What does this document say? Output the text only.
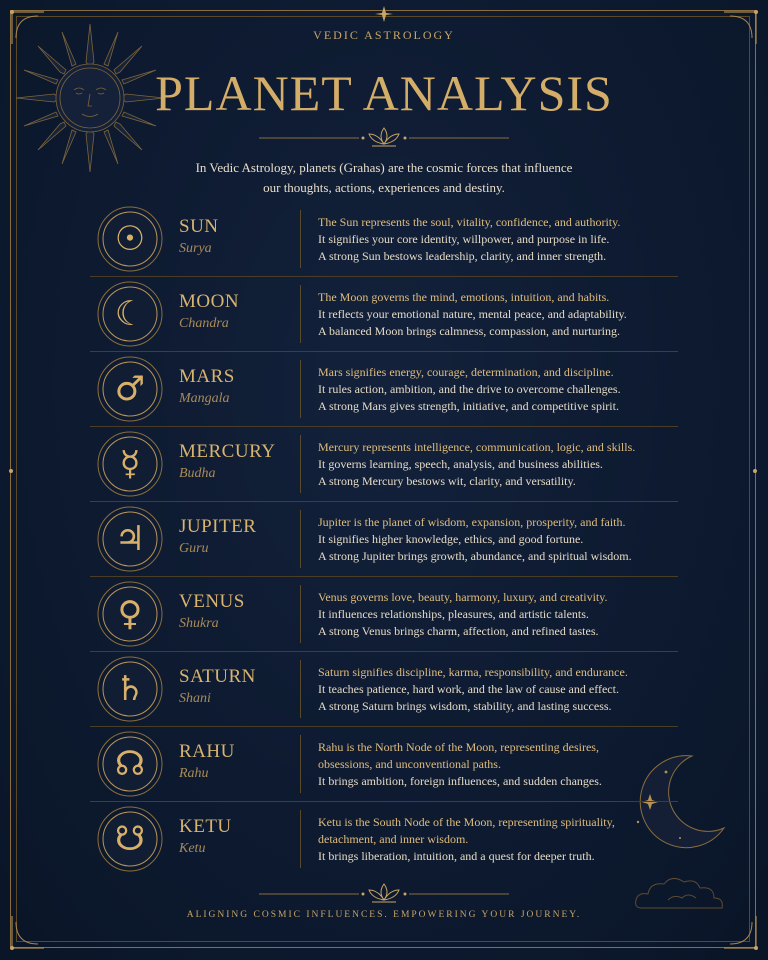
VEDIC ASTROLOGY
PLANET ANALYSIS
In Vedic Astrology, planets (Grahas) are the cosmic forces that influence
our thoughts, actions, experiences and destiny.
☉	SUN
Surya
The Sun represents the soul, vitality, confidence, and authority.
It signifies your core identity, willpower, and purpose in life.
A strong Sun bestows leadership, clarity, and inner strength.
☾	MOON
Chandra
The Moon governs the mind, emotions, intuition, and habits.
It reflects your emotional nature, mental peace, and adaptability.
A balanced Moon brings calmness, compassion, and nurturing.
♂	MARS
Mangala
Mars signifies energy, courage, determination, and discipline.
It rules action, ambition, and the drive to overcome challenges.
A strong Mars gives strength, initiative, and competitive spirit.
☿	MERCURY
Budha
Mercury represents intelligence, communication, logic, and skills.
It governs learning, speech, analysis, and business abilities.
A strong Mercury bestows wit, clarity, and versatility.
♃	JUPITER
Guru
Jupiter is the planet of wisdom, expansion, prosperity, and faith.
It signifies higher knowledge, ethics, and good fortune.
A strong Jupiter brings growth, abundance, and spiritual wisdom.
♀	VENUS
Shukra
Venus governs love, beauty, harmony, luxury, and creativity.
It influences relationships, pleasures, and artistic talents.
A strong Venus brings charm, affection, and refined tastes.
♄	SATURN
Shani
Saturn signifies discipline, karma, responsibility, and endurance.
It teaches patience, hard work, and the law of cause and effect.
A strong Saturn brings wisdom, stability, and lasting success.
☊	RAHU
Rahu
Rahu is the North Node of the Moon, representing desires,
obsessions, and unconventional paths.
It brings ambition, foreign influences, and sudden changes.
☋	KETU
Ketu
Ketu is the South Node of the Moon, representing spirituality,
detachment, and inner wisdom.
It brings liberation, intuition, and a quest for deeper truth.
ALIGNING COSMIC INFLUENCES. EMPOWERING YOUR JOURNEY.
